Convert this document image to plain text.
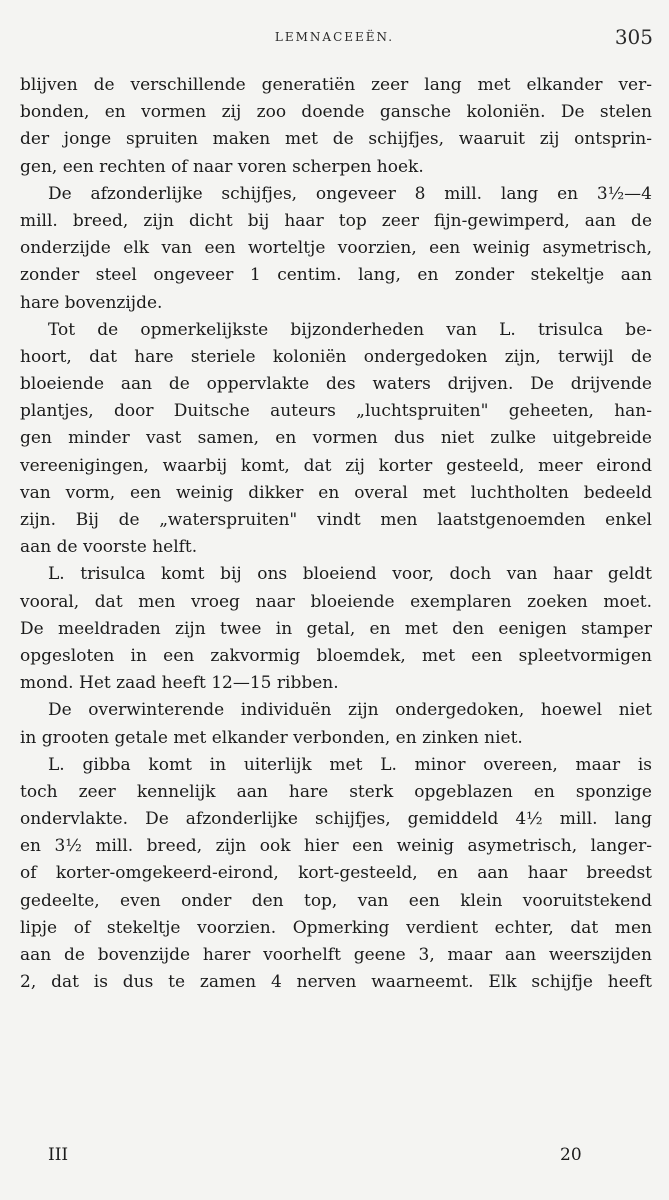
LEMNACEEËN.	305
blijven de verschillende generatiën zeer lang met elkander ver-
bonden, en vormen zij zoo doende gansche koloniën. De stelen
der jonge spruiten maken met de schijfjes, waaruit zij ontsprin-
gen, een rechten of naar voren scherpen hoek.
De afzonderlijke schijfjes, ongeveer 8 mill. lang en 3½—4
mill. breed, zijn dicht bij haar top zeer fijn-gewimperd, aan de
onderzijde elk van een worteltje voorzien, een weinig asymetrisch,
zonder steel ongeveer 1 centim. lang, en zonder stekeltje aan
hare bovenzijde.
Tot de opmerkelijkste bijzonderheden van L. trisulca be-
hoort, dat hare steriele koloniën ondergedoken zijn, terwijl de
bloeiende aan de oppervlakte des waters drijven. De drijvende
plantjes, door Duitsche auteurs „luchtspruiten" geheeten, han-
gen minder vast samen, en vormen dus niet zulke uitgebreide
vereenigingen, waarbij komt, dat zij korter gesteeld, meer eirond
van vorm, een weinig dikker en overal met luchtholten bedeeld
zijn. Bij de „waterspruiten" vindt men laatstgenoemden enkel
aan de voorste helft.
L. trisulca komt bij ons bloeiend voor, doch van haar geldt
vooral, dat men vroeg naar bloeiende exemplaren zoeken moet.
De meeldraden zijn twee in getal, en met den eenigen stamper
opgesloten in een zakvormig bloemdek, met een spleetvormigen
mond. Het zaad heeft 12—15 ribben.
De overwinterende individuën zijn ondergedoken, hoewel niet
in grooten getale met elkander verbonden, en zinken niet.
L. gibba komt in uiterlijk met L. minor overeen, maar is
toch zeer kennelijk aan hare sterk opgeblazen en sponzige
ondervlakte. De afzonderlijke schijfjes, gemiddeld 4½ mill. lang
en 3½ mill. breed, zijn ook hier een weinig asymetrisch, langer-
of korter-omgekeerd-eirond, kort-gesteeld, en aan haar breedst
gedeelte, even onder den top, van een klein vooruitstekend
lipje of stekeltje voorzien. Opmerking verdient echter, dat men
aan de bovenzijde harer voorhelft geene 3, maar aan weerszijden
2, dat is dus te zamen 4 nerven waarneemt. Elk schijfje heeft
III	20
